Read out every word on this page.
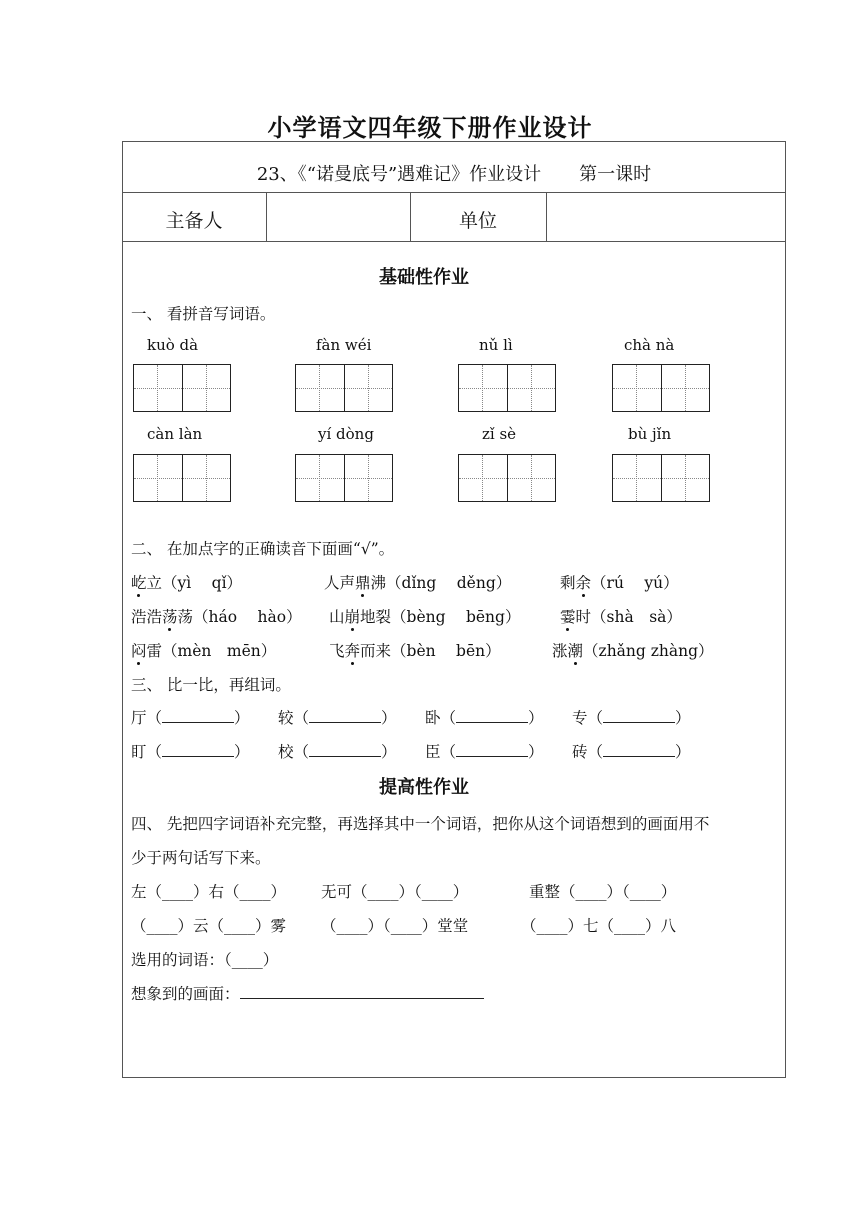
小学语文四年级下册作业设计
23、《“诺曼底号”遇难记》作业设计 第一课时
主备人	单位
基础性作业
一、 看拼音写词语。
kuò dà	fàn wéi	nǔ lì	chà nà
càn làn	yí dòng	zǐ sè	bù jǐn
二、 在加点字的正确读音下面画“√”。
屹立（yì　 qǐ）	人声鼎沸（dǐng　 děng）	剩余（rú　 yú）
浩浩荡荡（háo　 hào） 山崩地裂（bèng　 bēng）	霎时（shà　sà）
闷雷（mèn　mēn）	飞奔而来（bèn　 bēn）	涨潮（zhǎng zhàng）
三、 比一比，再组词。
厅（	） 较（	） 卧（	） 专（	）
盯（	） 校（	） 臣（	） 砖（	）
提高性作业
四、 先把四字词语补充完整，再选择其中一个词语，把你从这个词语想到的画面用不
少于两句话写下来。
左（____）右（____） 无可（____）（____）	重整（____）（____）
（____）云（____）雾 （____）（____）堂堂	（____）七（____）八
选用的词语：（____）
想象到的画面：
